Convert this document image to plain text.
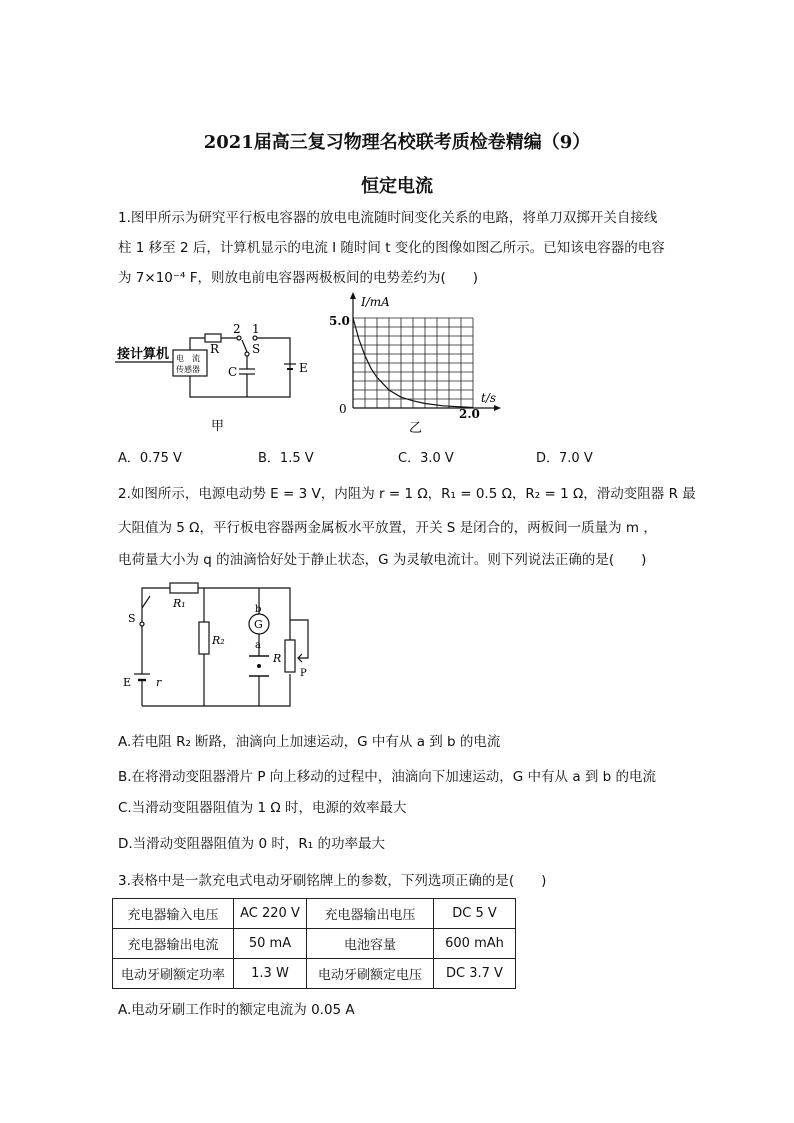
2021届高三复习物理名校联考质检卷精编（9）
恒定电流
1.图甲所示为研究平行板电容器的放电电流随时间变化关系的电路，将单刀双掷开关自接线
柱 1 移至 2 后，计算机显示的电流 I 随时间 t 变化的图像如图乙所示。已知该电容器的电容
为 7×10⁻⁴ F，则放电前电容器两极板间的电势差约为(　　)
接计算机 电　流
传感器
R
2 1
S
C	E
甲
I/mA
5.0
t/s
0	2.0
乙
A．0.75 V	B．1.5 V	C．3.0 V	D．7.0 V
2.如图所示，电源电动势 E = 3 V，内阻为 r = 1 Ω，R₁ = 0.5 Ω，R₂ = 1 Ω，滑动变阻器 R 最
大阻值为 5 Ω，平行板电容器两金属板水平放置，开关 S 是闭合的，两板间一质量为 m ，
电荷量大小为 q 的油滴恰好处于静止状态，G 为灵敏电流计。则下列说法正确的是(　　)
R₁
R₂
S
E r
b
G
a
R
P
A.若电阻 R₂ 断路，油滴向上加速运动，G 中有从 a 到 b 的电流
B.在将滑动变阻器滑片 P 向上移动的过程中，油滴向下加速运动，G 中有从 a 到 b 的电流
C.当滑动变阻器阻值为 1 Ω 时，电源的效率最大
D.当滑动变阻器阻值为 0 时，R₁ 的功率最大
3.表格中是一款充电式电动牙刷铭牌上的参数，下列选项正确的是(　　)
充电器输入电压	AC 220 V	充电器输出电压	DC 5 V
充电器输出电流	50 mA	电池容量	600 mAh
电动牙刷额定功率	1.3 W	电动牙刷额定电压	DC 3.7 V
A.电动牙刷工作时的额定电流为 0.05 A
